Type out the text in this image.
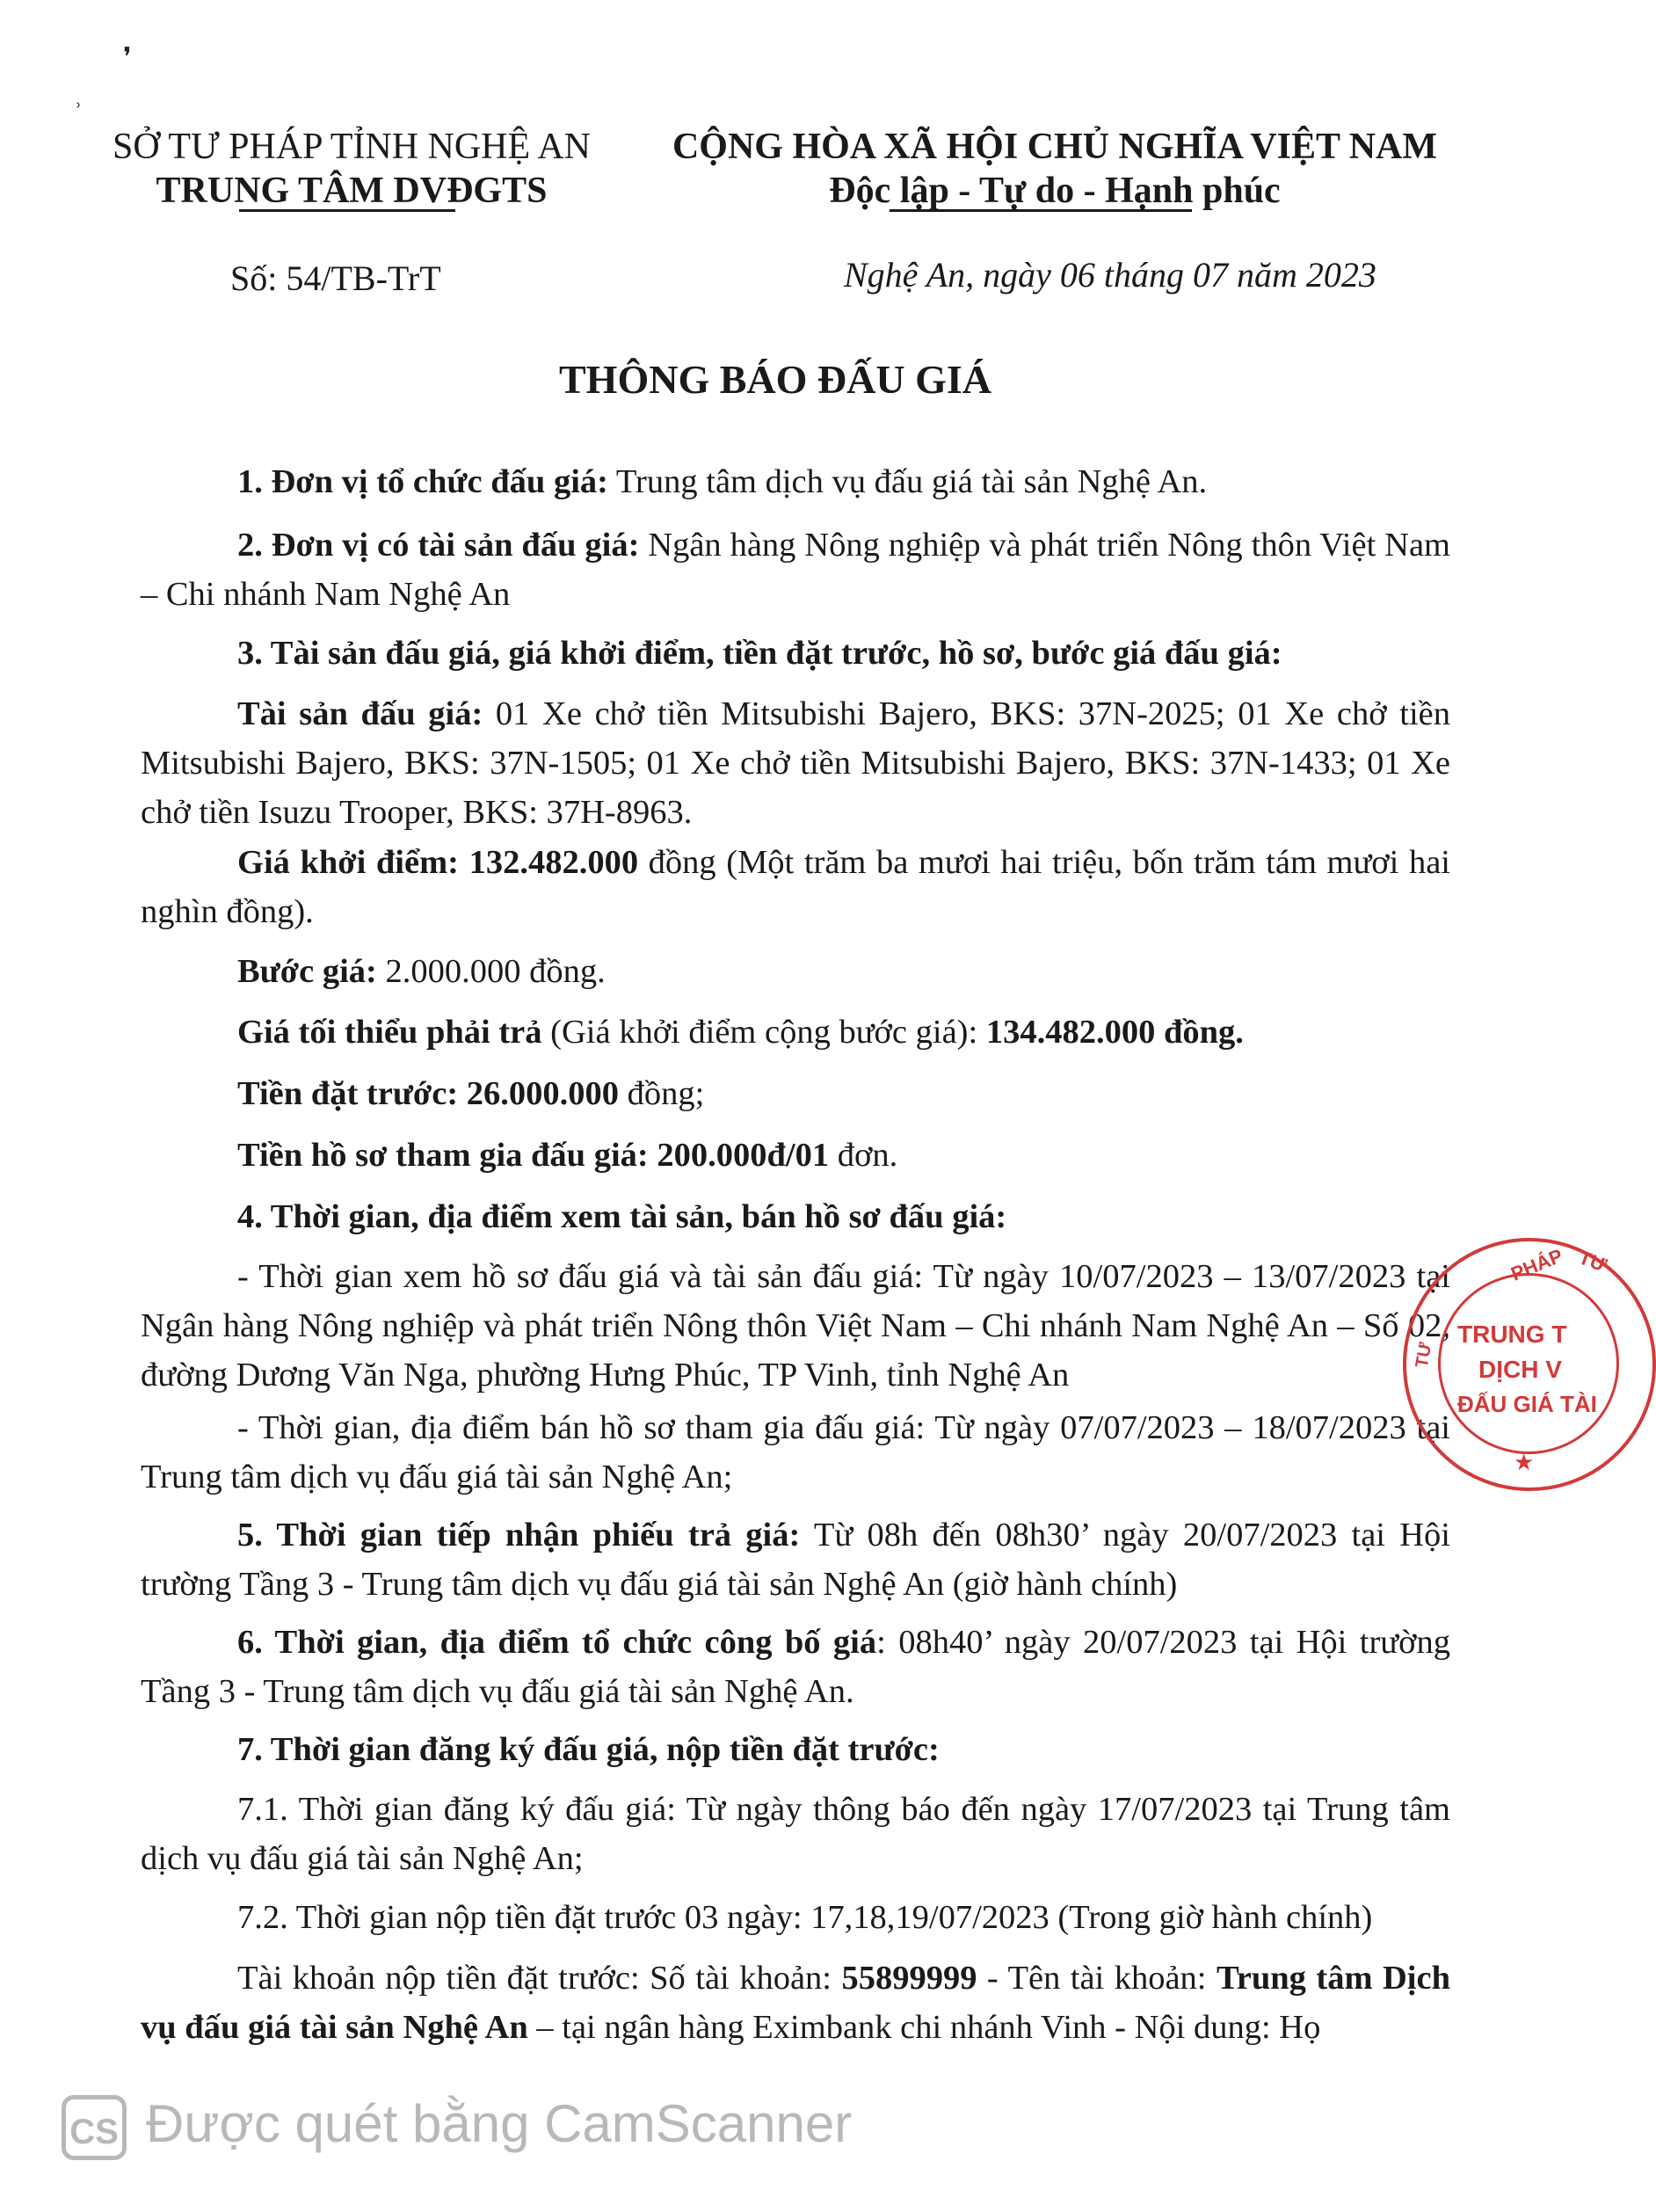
❜
˒
SỞ TƯ PHÁP TỈNH NGHỆ AN
TRUNG TÂM DVĐGTS
CỘNG HÒA XÃ HỘI CHỦ NGHĨA VIỆT NAM
Độc lập - Tự do - Hạnh phúc
Số: 54/TB-TrT	Nghệ An, ngày 06 tháng 07 năm 2023
THÔNG BÁO ĐẤU GIÁ

1. Đơn vị tổ chức đấu giá: Trung tâm dịch vụ đấu giá tài sản Nghệ An.

2. Đơn vị có tài sản đấu giá: Ngân hàng Nông nghiệp và phát triển Nông thôn Việt Nam – Chi nhánh Nam Nghệ An

3. Tài sản đấu giá, giá khởi điểm, tiền đặt trước, hồ sơ, bước giá đấu giá:

Tài sản đấu giá: 01 Xe chở tiền Mitsubishi Bajero, BKS: 37N-2025; 01 Xe chở tiền Mitsubishi Bajero, BKS: 37N-1505; 01 Xe chở tiền Mitsubishi Bajero, BKS: 37N-1433; 01 Xe chở tiền Isuzu Trooper, BKS: 37H-8963.

Giá khởi điểm: 132.482.000 đồng (Một trăm ba mươi hai triệu, bốn trăm tám mươi hai nghìn đồng).

Bước giá: 2.000.000 đồng.

Giá tối thiểu phải trả (Giá khởi điểm cộng bước giá): 134.482.000 đồng.

Tiền đặt trước: 26.000.000 đồng;

Tiền hồ sơ tham gia đấu giá: 200.000đ/01 đơn.

4. Thời gian, địa điểm xem tài sản, bán hồ sơ đấu giá:

- Thời gian xem hồ sơ đấu giá và tài sản đấu giá: Từ ngày 10/07/2023 – 13/07/2023 tại Ngân hàng Nông nghiệp và phát triển Nông thôn Việt Nam – Chi nhánh Nam Nghệ An – Số 02, đường Dương Văn Nga, phường Hưng Phúc, TP Vinh, tỉnh Nghệ An

- Thời gian, địa điểm bán hồ sơ tham gia đấu giá: Từ ngày 07/07/2023 – 18/07/2023 tại Trung tâm dịch vụ đấu giá tài sản Nghệ An;

5. Thời gian tiếp nhận phiếu trả giá: Từ 08h đến 08h30’ ngày 20/07/2023 tại Hội trường Tầng 3 - Trung tâm dịch vụ đấu giá tài sản Nghệ An (giờ hành chính)

6. Thời gian, địa điểm tổ chức công bố giá: 08h40’ ngày 20/07/2023 tại Hội trường Tầng 3 - Trung tâm dịch vụ đấu giá tài sản Nghệ An.

7. Thời gian đăng ký đấu giá, nộp tiền đặt trước:

7.1. Thời gian đăng ký đấu giá: Từ ngày thông báo đến ngày 17/07/2023 tại Trung tâm dịch vụ đấu giá tài sản Nghệ An;

7.2. Thời gian nộp tiền đặt trước 03 ngày: 17,18,19/07/2023 (Trong giờ hành chính)

Tài khoản nộp tiền đặt trước: Số tài khoản: 55899999 - Tên tài khoản: Trung tâm Dịch vụ đấu giá tài sản Nghệ An – tại ngân hàng Eximbank chi nhánh Vinh - Nội dung: Họ

PHÁP TƯ
TƯ
TRUNG T
DỊCH V
ĐẤU GIÁ TÀI
★
CS Được quét bằng CamScanner
